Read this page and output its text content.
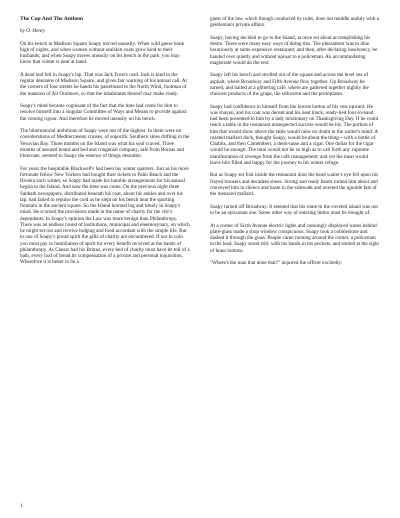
The Cop And The Anthem
by O. Henry

On his bench in Madison Square Soapy moved uneasily. When wild geese honk high of nights, and when women without sealskin coats grow kind to their husbands, and when Soapy moves uneasily on his bench in the park, you may know that winter is near at hand.

A dead leaf fell in Soapy's lap. That was Jack Frost's card. Jack is kind to the regular denizens of Madison Square, and gives fair warning of his annual call. At the corners of four streets he hands his pasteboard to the North Wind, footman of the mansion of All Outdoors, so that the inhabitants thereof may make ready.

Soapy's mind became cognisant of the fact that the time had come for him to resolve himself into a singular Committee of Ways and Means to provide against the coming rigour. And therefore he moved uneasily on his bench.

The hibernatorial ambitions of Soapy were not of the highest. In them were no considerations of Mediterranean cruises, of soporific Southern skies drifting in the Vesuvian Bay. Three months on the Island was what his soul craved. Three months of assured board and bed and congenial company, safe from Boreas and bluecoats, seemed to Soapy the essence of things desirable.

For years the hospitable Blackwell's had been his winter quarters. Just as his more fortunate fellow New Yorkers had bought their tickets to Palm Beach and the Riviera each winter, so Soapy had made his humble arrangements for his annual hegira to the Island. And now the time was come. On the previous night three Sabbath newspapers, distributed beneath his coat, about his ankles and over his lap, had failed to repulse the cold as he slept on his bench near the spurting fountain in the ancient square. So the Island loomed big and timely in Soapy's mind. He scorned the provisions made in the name of charity for the city's dependents. In Soapy's opinion the Law was more benign than Philanthropy. There was an endless round of institutions, municipal and eleemosynary, on which he might set out and receive lodging and food accordant with the simple life. But to one of Soapy's proud spirit the gifts of charity are encumbered. If not in coin you must pay in humiliation of spirit for every benefit received at the hands of philanthropy. As Caesar had his Brutus, every bed of charity must have its toll of a bath, every loaf of bread its compensation of a private and personal inquisition. Wherefore it is better to be a

guest of the law, which though conducted by rules, does not meddle unduly with a gentleman's private affairs.

Soapy, having decided to go to the Island, at once set about accomplishing his desire. There were many easy ways of doing this. The pleasantest was to dine luxuriously at some expensive restaurant; and then, after declaring insolvency, be handed over quietly and without uproar to a policeman. An accommodating magistrate would do the rest.

Soapy left his bench and strolled out of the square and across the level sea of asphalt, where Broadway and Fifth Avenue flow together. Up Broadway he turned, and halted at a glittering café, where are gathered together nightly the choicest products of the grape, the silkworm and the protoplasm.

Soapy had confidence in himself from the lowest button of his vest upward. He was shaven, and his coat was decent and his neat black, ready-tied four-in-hand had been presented to him by a lady missionary on Thanksgiving Day. If he could reach a table in the restaurant unsuspected success would be his. The portion of him that would show above the table would raise no doubt in the waiter's mind. A roasted mallard duck, thought Soapy, would be about the thing—with a bottle of Chablis, and then Camembert, a demi-tasse and a cigar. One dollar for the cigar would be enough. The total would not be so high as to call forth any supreme manifestation of revenge from the café management; and yet the meat would leave him filled and happy for the journey to his winter refuge.

But as Soapy set foot inside the restaurant door the head waiter's eye fell upon his frayed trousers and decadent shoes. Strong and ready hands turned him about and conveyed him in silence and haste to the sidewalk and averted the ignoble fate of the menaced mallard.

Soapy turned off Broadway. It seemed that his route to the coveted island was not to be an epicurean one. Some other way of entering limbo must be thought of.

At a corner of Sixth Avenue electric lights and cunningly displayed wares behind plate-glass made a shop window conspicuous. Soapy took a cobblestone and dashed it through the glass. People came running around the corner, a policeman in the lead. Soapy stood still, with his hands in his pockets, and smiled at the sight of brass buttons.

"Where's the man that done that?" inquired the officer excitedly.

1
